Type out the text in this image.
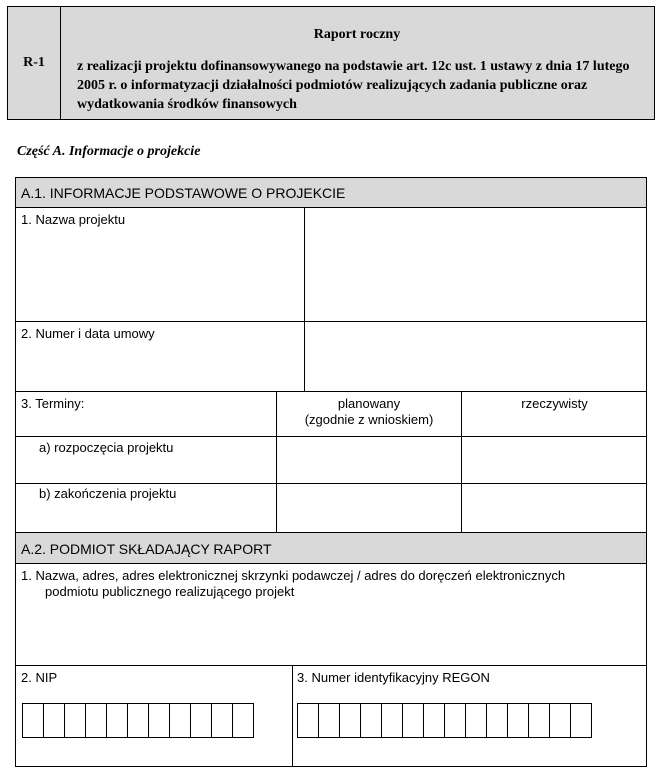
R-1
Raport roczny
z realizacji projektu dofinansowywanego na podstawie art. 12c ust. 1 ustawy z dnia 17 lutego 2005 r. o informatyzacji działalności podmiotów realizujących zadania publiczne oraz wydatkowania środków finansowych
Część A. Informacje o projekcie
A.1. INFORMACJE PODSTAWOWE O PROJEKCIE
1. Nazwa projektu
2. Numer i data umowy
3. Terminy:	planowany
(zgodnie z wnioskiem)
rzeczywisty
a) rozpoczęcia projektu
b) zakończenia projektu
A.2. PODMIOT SKŁADAJĄCY RAPORT
1. Nazwa, adres, adres elektronicznej skrzynki podawczej / adres do doręczeń elektronicznych
podmiotu publicznego realizującego projekt
2. NIP	3. Numer identyfikacyjny REGON
